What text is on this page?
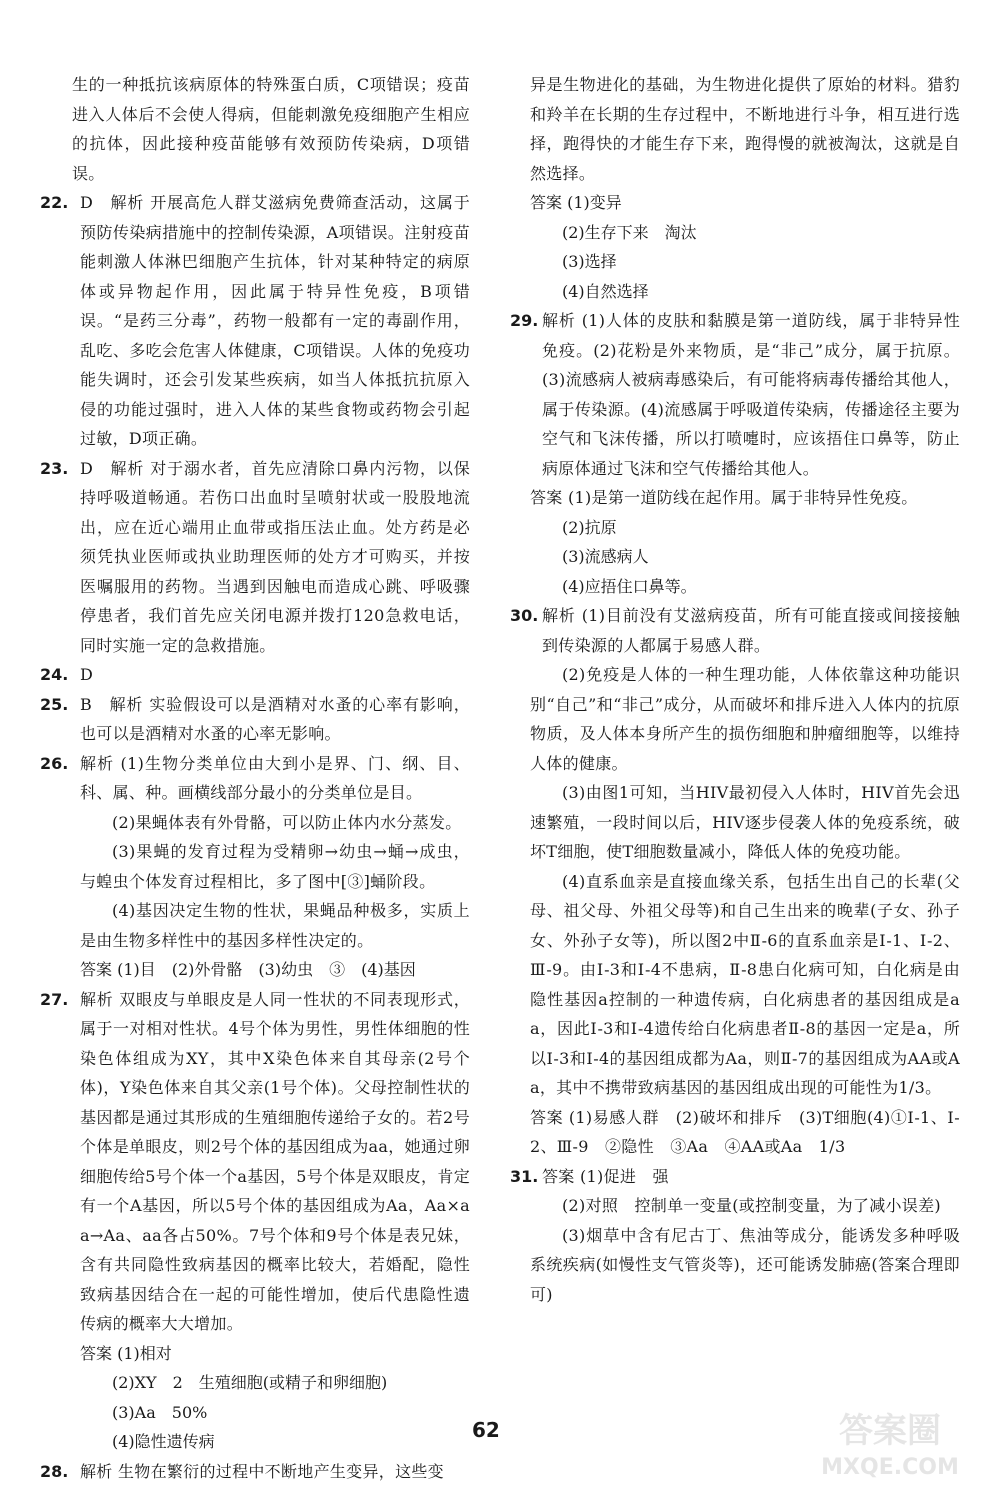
生的一种抵抗该病原体的特殊蛋白质，C项错误；疫苗进入人体后不会使人得病，但能刺激免疫细胞产生相应的抗体，因此接种疫苗能够有效预防传染病，D项错误。

22. D　解析 开展高危人群艾滋病免费筛查活动，这属于预防传染病措施中的控制传染源，A项错误。注射疫苗能刺激人体淋巴细胞产生抗体，针对某种特定的病原体或异物起作用，因此属于特异性免疫，B项错误。“是药三分毒”，药物一般都有一定的毒副作用，乱吃、多吃会危害人体健康，C项错误。人体的免疫功能失调时，还会引发某些疾病，如当人体抵抗抗原入侵的功能过强时，进入人体的某些食物或药物会引起过敏，D项正确。

23. D　解析 对于溺水者，首先应清除口鼻内污物，以保持呼吸道畅通。若伤口出血时呈喷射状或一股股地流出，应在近心端用止血带或指压法止血。处方药是必须凭执业医师或执业助理医师的处方才可购买，并按医嘱服用的药物。当遇到因触电而造成心跳、呼吸骤停患者，我们首先应关闭电源并拨打120急救电话，同时实施一定的急救措施。

24. D

25. B　解析 实验假设可以是酒精对水蚤的心率有影响，也可以是酒精对水蚤的心率无影响。

26. 解析 (1)生物分类单位由大到小是界、门、纲、目、科、属、种。画横线部分最小的分类单位是目。

(2)果蝇体表有外骨骼，可以防止体内水分蒸发。

(3)果蝇的发育过程为受精卵→幼虫→蛹→成虫，与蝗虫个体发育过程相比，多了图中[③]蛹阶段。

(4)基因决定生物的性状，果蝇品种极多，实质上是由生物多样性中的基因多样性决定的。

答案 (1)目　(2)外骨骼　(3)幼虫　③　(4)基因

27. 解析 双眼皮与单眼皮是人同一性状的不同表现形式，属于一对相对性状。4号个体为男性，男性体细胞的性染色体组成为XY，其中X染色体来自其母亲(2号个体)，Y染色体来自其父亲(1号个体)。父母控制性状的基因都是通过其形成的生殖细胞传递给子女的。若2号个体是单眼皮，则2号个体的基因组成为aa，她通过卵细胞传给5号个体一个a基因，5号个体是双眼皮，肯定有一个A基因，所以5号个体的基因组成为Aa，Aa×aa→Aa、aa各占50%。7号个体和9号个体是表兄妹，含有共同隐性致病基因的概率比较大，若婚配，隐性致病基因结合在一起的可能性增加，使后代患隐性遗传病的概率大大增加。

答案 (1)相对

(2)XY　2　生殖细胞(或精子和卵细胞)

(3)Aa　50%

(4)隐性遗传病

28. 解析 生物在繁衍的过程中不断地产生变异，这些变

异是生物进化的基础，为生物进化提供了原始的材料。猎豹和羚羊在长期的生存过程中，不断地进行斗争，相互进行选择，跑得快的才能生存下来，跑得慢的就被淘汰，这就是自然选择。

答案 (1)变异

(2)生存下来　淘汰

(3)选择

(4)自然选择

29. 解析 (1)人体的皮肤和黏膜是第一道防线，属于非特异性免疫。(2)花粉是外来物质，是“非己”成分，属于抗原。(3)流感病人被病毒感染后，有可能将病毒传播给其他人，属于传染源。(4)流感属于呼吸道传染病，传播途径主要为空气和飞沫传播，所以打喷嚏时，应该捂住口鼻等，防止病原体通过飞沫和空气传播给其他人。

答案 (1)是第一道防线在起作用。属于非特异性免疫。

(2)抗原

(3)流感病人

(4)应捂住口鼻等。

30. 解析 (1)目前没有艾滋病疫苗，所有可能直接或间接接触到传染源的人都属于易感人群。

(2)免疫是人体的一种生理功能，人体依靠这种功能识别“自己”和“非己”成分，从而破坏和排斥进入人体内的抗原物质，及人体本身所产生的损伤细胞和肿瘤细胞等，以维持人体的健康。

(3)由图1可知，当HIV最初侵入人体时，HIV首先会迅速繁殖，一段时间以后，HIV逐步侵袭人体的免疫系统，破坏T细胞，使T细胞数量减小，降低人体的免疫功能。

(4)直系血亲是直接血缘关系，包括生出自己的长辈(父母、祖父母、外祖父母等)和自己生出来的晚辈(子女、孙子女、外孙子女等)，所以图2中Ⅱ-6的直系血亲是Ⅰ-1、Ⅰ-2、Ⅲ-9。由Ⅰ-3和Ⅰ-4不患病，Ⅱ-8患白化病可知，白化病是由隐性基因a控制的一种遗传病，白化病患者的基因组成是aa，因此Ⅰ-3和Ⅰ-4遗传给白化病患者Ⅱ-8的基因一定是a，所以Ⅰ-3和Ⅰ-4的基因组成都为Aa，则Ⅱ-7的基因组成为AA或Aa，其中不携带致病基因的基因组成出现的可能性为1/3。

答案 (1)易感人群　(2)破坏和排斥　(3)T细胞(4)①Ⅰ-1、Ⅰ-2、Ⅲ-9　②隐性　③Aa　④AA或Aa　1/3

31. 答案 (1)促进　强

(2)对照　控制单一变量(或控制变量，为了减小误差)

(3)烟草中含有尼古丁、焦油等成分，能诱发多种呼吸系统疾病(如慢性支气管炎等)，还可能诱发肺癌(答案合理即可)

62	答案圈
MXQE.COM
